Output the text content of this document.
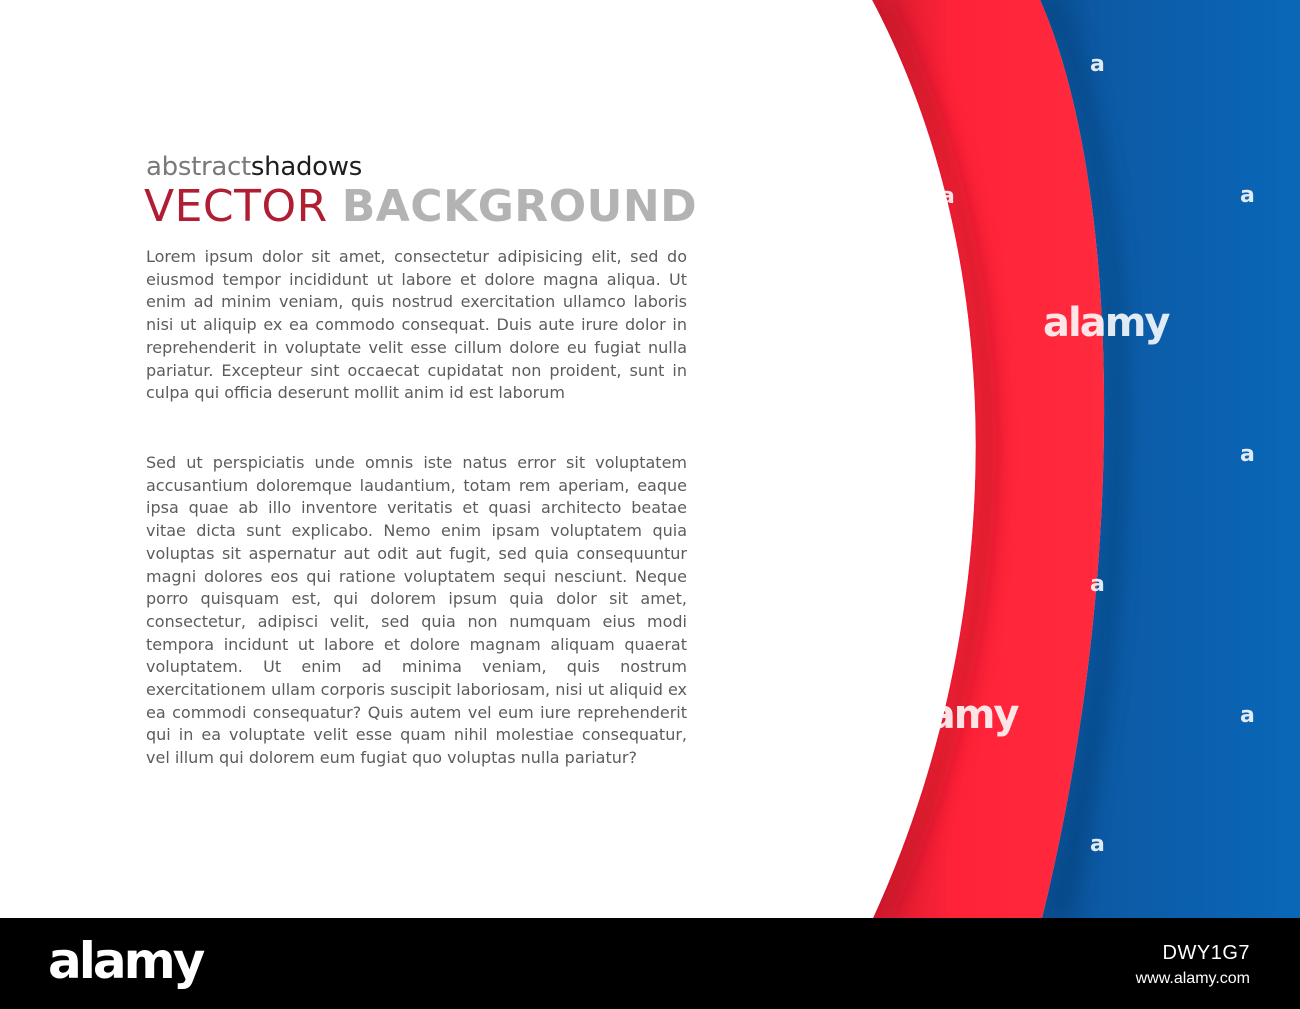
abstractshadows
VECTOR BACKGROUND

Lorem ipsum dolor sit amet, consectetur adipisicing elit, sed do eiusmod tempor incididunt ut labore et dolore magna aliqua. Ut enim ad minim veniam, quis nostrud exercitation ullamco laboris nisi ut aliquip ex ea commodo consequat. Duis aute irure dolor in reprehenderit in voluptate velit esse cillum dolore eu fugiat nulla pariatur. Excepteur sint occaecat cupidatat non proident, sunt in culpa qui officia deserunt mollit anim id est laborum

Sed ut perspiciatis unde omnis iste natus error sit voluptatem accusantium doloremque laudantium, totam rem aperiam, eaque ipsa quae ab illo inventore veritatis et quasi architecto beatae vitae dicta sunt explicabo. Nemo enim ipsam voluptatem quia voluptas sit aspernatur aut odit aut fugit, sed quia consequuntur magni dolores eos qui ratione voluptatem sequi nesciunt. Neque porro quisquam est, qui dolorem ipsum quia dolor sit amet, consectetur, adipisci velit, sed quia non numquam eius modi tempora incidunt ut labore et dolore magnam aliquam quaerat voluptatem. Ut enim ad minima veniam, quis nostrum exercitationem ullam corporis suscipit laboriosam, nisi ut aliquid ex ea commodi consequatur? Quis autem vel eum iure reprehenderit qui in ea voluptate velit esse quam nihil molestiae consequatur, vel illum qui dolorem eum fugiat quo voluptas nulla pariatur?

a
a
a
alamy
a
a
a
alamy	a
a
alamy	DWY1G7
www.alamy.com
